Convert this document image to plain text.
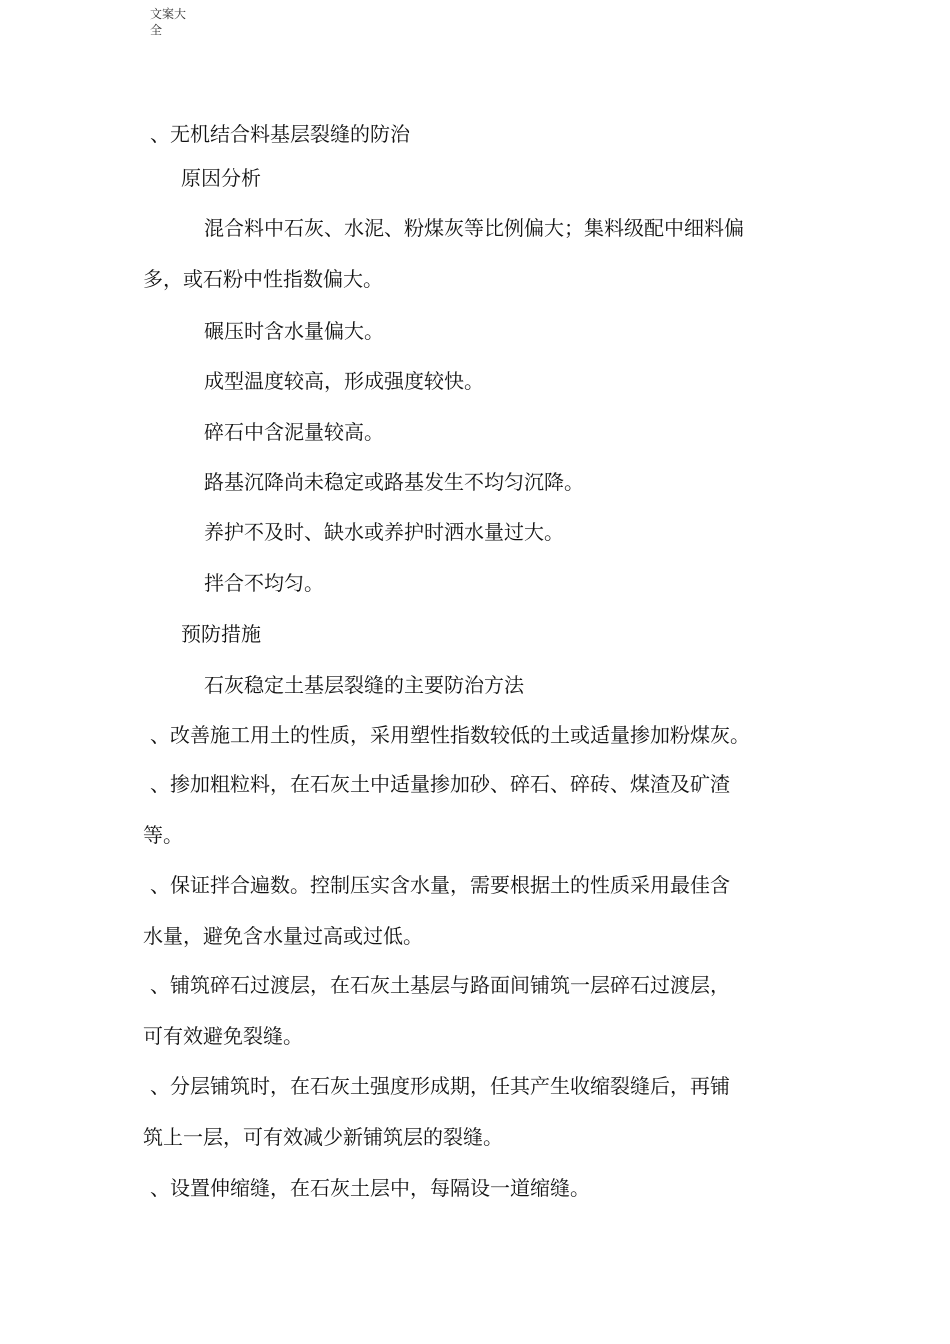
文案大全
、无机结合料基层裂缝的防治
原因分析
混合料中石灰、水泥、粉煤灰等比例偏大；集料级配中细料偏
多，或石粉中性指数偏大。
碾压时含水量偏大。
成型温度较高，形成强度较快。
碎石中含泥量较高。
路基沉降尚未稳定或路基发生不均匀沉降。
养护不及时、缺水或养护时洒水量过大。
拌合不均匀。
预防措施
石灰稳定土基层裂缝的主要防治方法
、改善施工用土的性质，采用塑性指数较低的土或适量掺加粉煤灰。
、掺加粗粒料，在石灰土中适量掺加砂、碎石、碎砖、煤渣及矿渣
等。
、保证拌合遍数。控制压实含水量，需要根据土的性质采用最佳含
水量，避免含水量过高或过低。
、铺筑碎石过渡层，在石灰土基层与路面间铺筑一层碎石过渡层，
可有效避免裂缝。
、分层铺筑时，在石灰土强度形成期，任其产生收缩裂缝后，再铺
筑上一层，可有效减少新铺筑层的裂缝。
、设置伸缩缝，在石灰土层中，每隔设一道缩缝。
